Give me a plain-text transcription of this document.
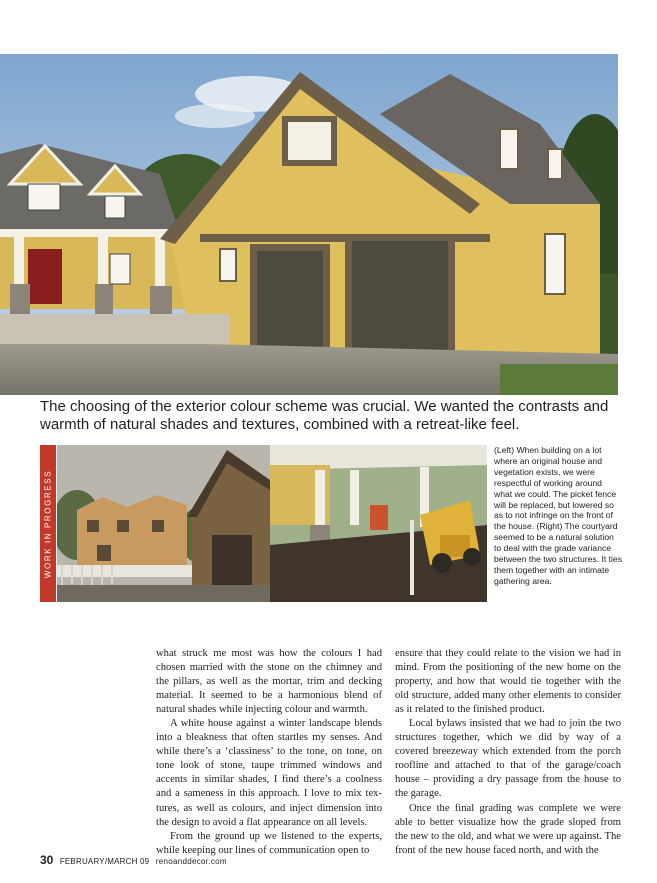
The choosing of the exterior colour scheme was crucial. We wanted the contrasts and warmth of natural shades and textures, combined with a retreat-like feel.
WORK IN PROGRESS
(Left) When building on a lot where an original house and vegetation exists, we were respectful of working around what we could. The picket fence will be replaced, but lowered so as to not infringe on the front of the house. (Right) The courtyard seemed to be a natural solution to deal with the grade variance between the two structures. It ties them together with an intimate gathering area.

what struck me most was how the colours I had chosen married with the stone on the chimney and the pillars, as well as the mortar, trim and decking material. It seemed to be a harmonious blend of natural shades while injecting colour and warmth.

A white house against a winter landscape blends into a bleakness that often startles my senses. And while there’s a ‘classiness’ to the tone, on tone, on tone look of stone, taupe trimmed windows and accents in similar shades, I find there’s a coolness and a sameness in this approach. I love to mix tex- tures, as well as colours, and inject dimension into the design to avoid a flat appearance on all levels.

From the ground up we listened to the experts, while keeping our lines of communication open to

ensure that they could relate to the vision we had in mind. From the positioning of the new home on the property, and how that would tie together with the old structure, added many other elements to consider as it related to the finished product.

Local bylaws insisted that we had to join the two structures together, which we did by way of a covered breezeway which extended from the porch roofline and attached to that of the garage/coach house – providing a dry passage from the house to the garage.

Once the final grading was complete we were able to better visualize how the grade sloped from the new to the old, and what we were up against. The front of the new house faced north, and with the

30 FEBRUARY/MARCH 09 renoanddecor.com
